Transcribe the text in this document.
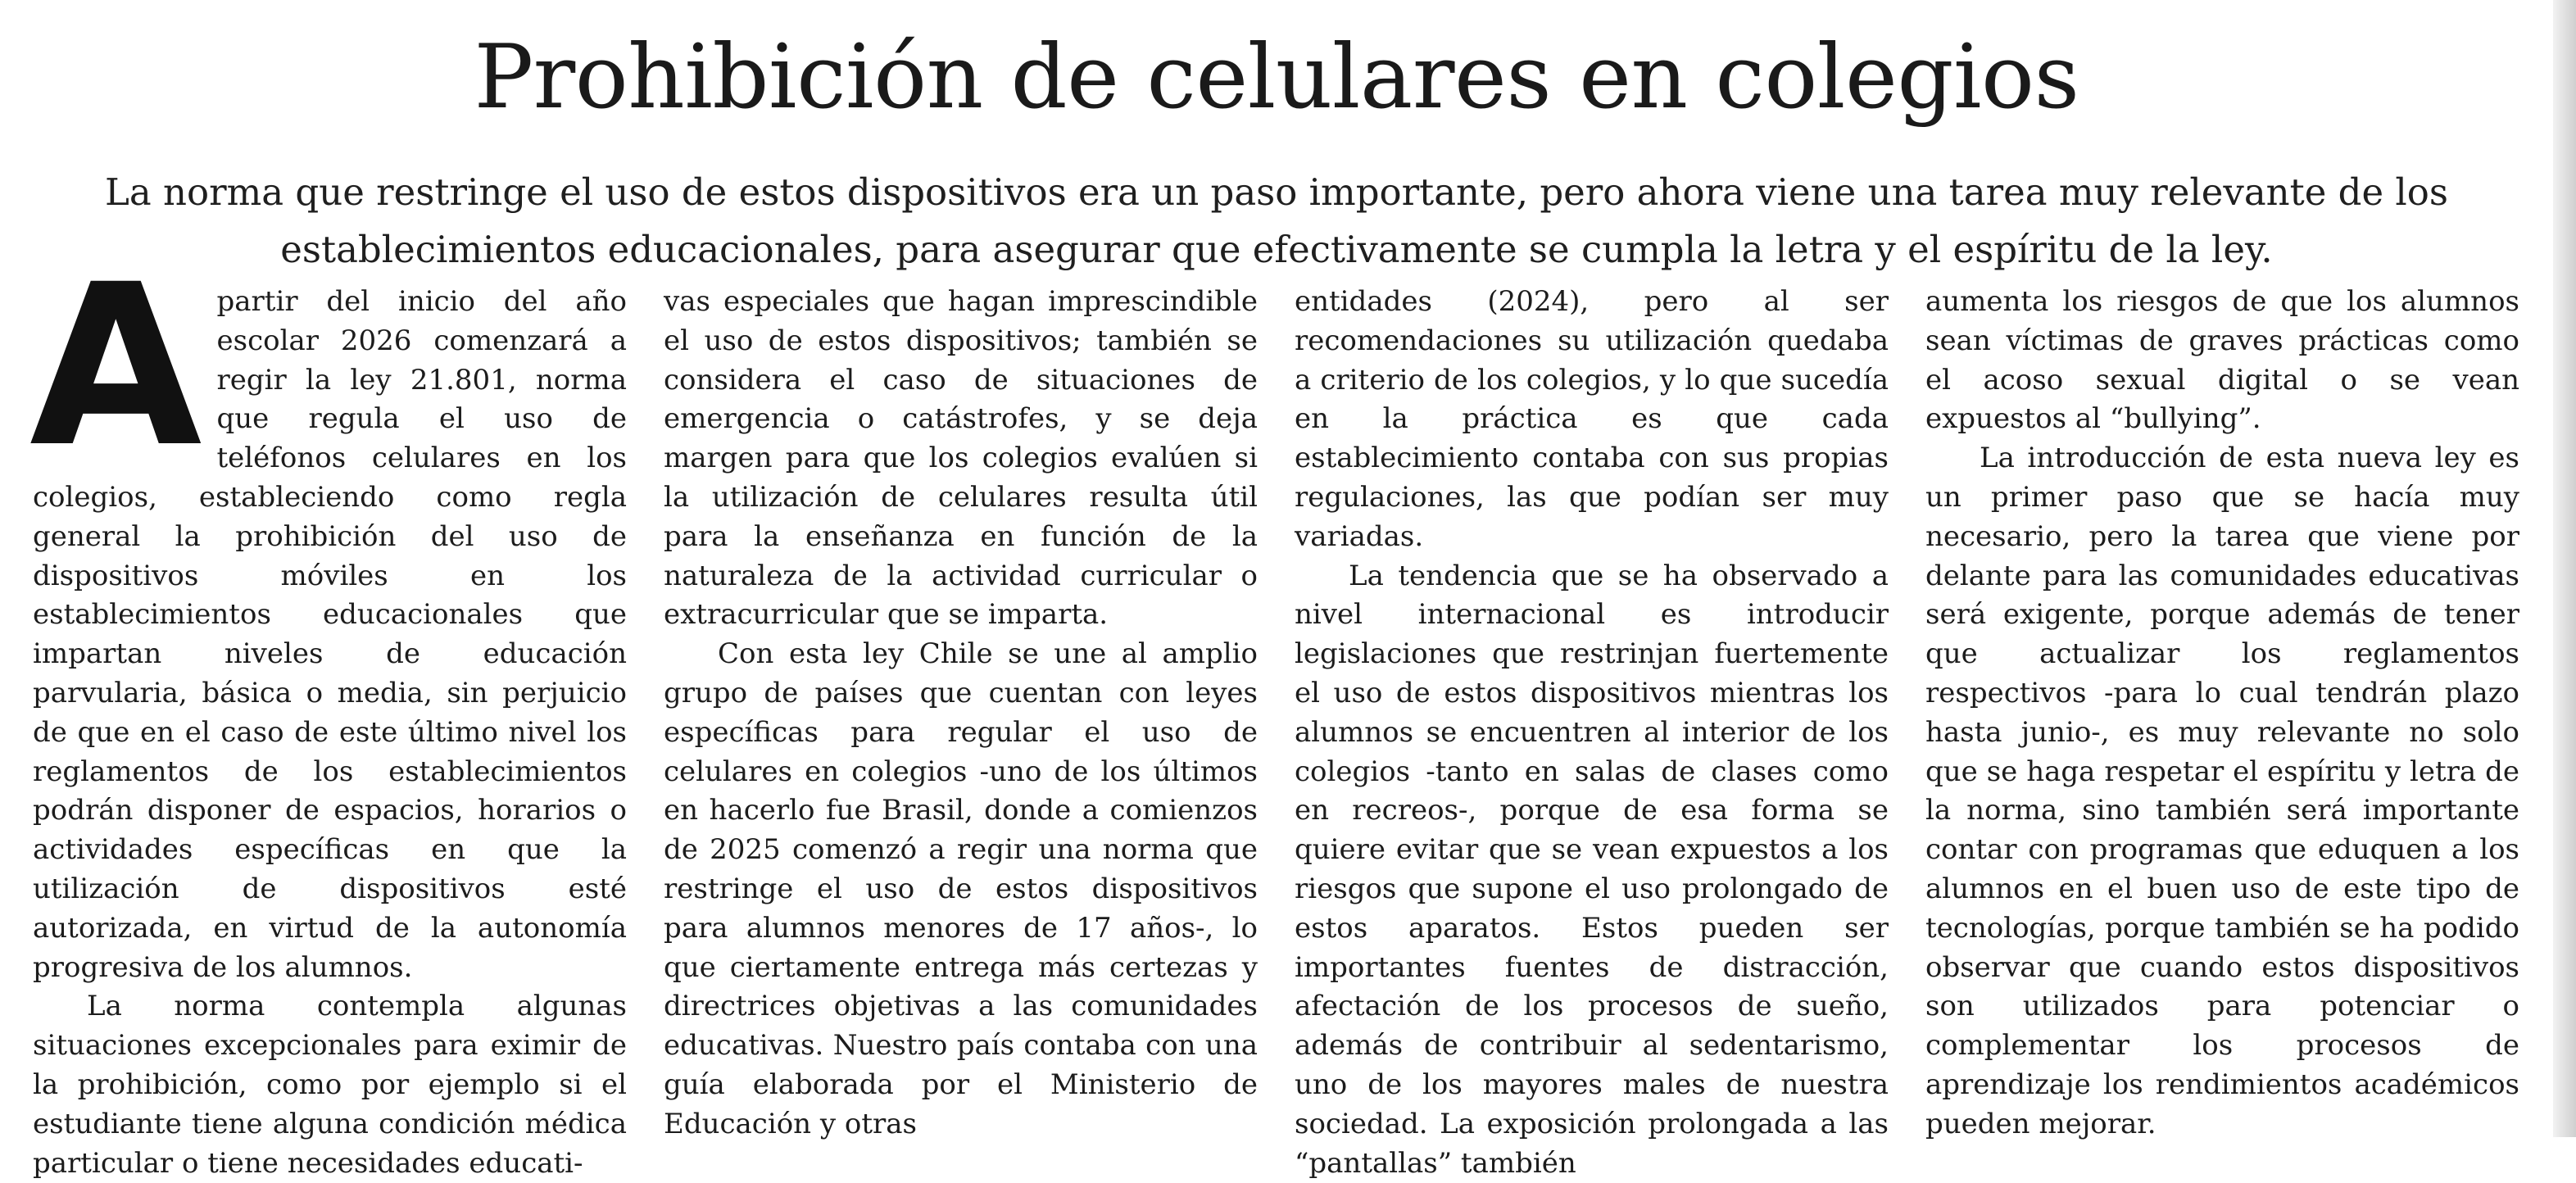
Prohibición de celulares en colegios

La norma que restringe el uso de estos dispositivos era un paso importante, pero ahora viene una tarea muy relevante de los establecimientos educacionales, para asegurar que efectivamente se cumpla la letra y el espíritu de la ley.

Apartir del inicio del año escolar 2026 comenzará a regir la ley 21.801, norma que regula el uso de teléfonos celulares en los colegios, estableciendo como regla general la prohibición del uso de dispositivos móviles en los establecimientos educacionales que impartan niveles de educación parvularia, básica o media, sin perjuicio de que en el caso de este último nivel los reglamentos de los establecimientos podrán disponer de espacios, horarios o actividades específicas en que la utilización de dispositivos esté autorizada, en virtud de la autonomía progresiva de los alumnos.

La norma contempla algunas situaciones excepcionales para eximir de la prohibición, como por ejemplo si el estudiante tiene alguna condición médica particular o tiene necesidades educati-

vas especiales que hagan imprescindible el uso de estos dispositivos; también se considera el caso de situaciones de emergencia o catástrofes, y se deja margen para que los colegios evalúen si la utilización de celulares resulta útil para la enseñanza en función de la naturaleza de la actividad curricular o extracurricular que se imparta.

Con esta ley Chile se une al amplio grupo de países que cuentan con leyes específicas para regular el uso de celulares en colegios -uno de los últimos en hacerlo fue Brasil, donde a comienzos de 2025 comenzó a regir una norma que restringe el uso de estos dispositivos para alumnos menores de 17 años-, lo que ciertamente entrega más certezas y directrices objetivas a las comunidades educativas. Nuestro país contaba con una guía elaborada por el Ministerio de Educación y otras

entidades (2024), pero al ser recomendaciones su utilización quedaba a criterio de los colegios, y lo que sucedía en la práctica es que cada establecimiento contaba con sus propias regulaciones, las que podían ser muy variadas.

La tendencia que se ha observado a nivel internacional es introducir legislaciones que restrinjan fuertemente el uso de estos dispositivos mientras los alumnos se encuentren al interior de los colegios -tanto en salas de clases como en recreos-, porque de esa forma se quiere evitar que se vean expuestos a los riesgos que supone el uso prolongado de estos aparatos. Estos pueden ser importantes fuentes de distracción, afectación de los procesos de sueño, además de contribuir al sedentarismo, uno de los mayores males de nuestra sociedad. La exposición prolongada a las “pantallas” también

aumenta los riesgos de que los alumnos sean víctimas de graves prácticas como el acoso sexual digital o se vean expuestos al “bullying”.

La introducción de esta nueva ley es un primer paso que se hacía muy necesario, pero la tarea que viene por delante para las comunidades educativas será exigente, porque además de tener que actualizar los reglamentos respectivos -para lo cual tendrán plazo hasta junio-, es muy relevante no solo que se haga respetar el espíritu y letra de la norma, sino también será importante contar con programas que eduquen a los alumnos en el buen uso de este tipo de tecnologías, porque también se ha podido observar que cuando estos dispositivos son utilizados para potenciar o complementar los procesos de aprendizaje los rendimientos académicos pueden mejorar.
